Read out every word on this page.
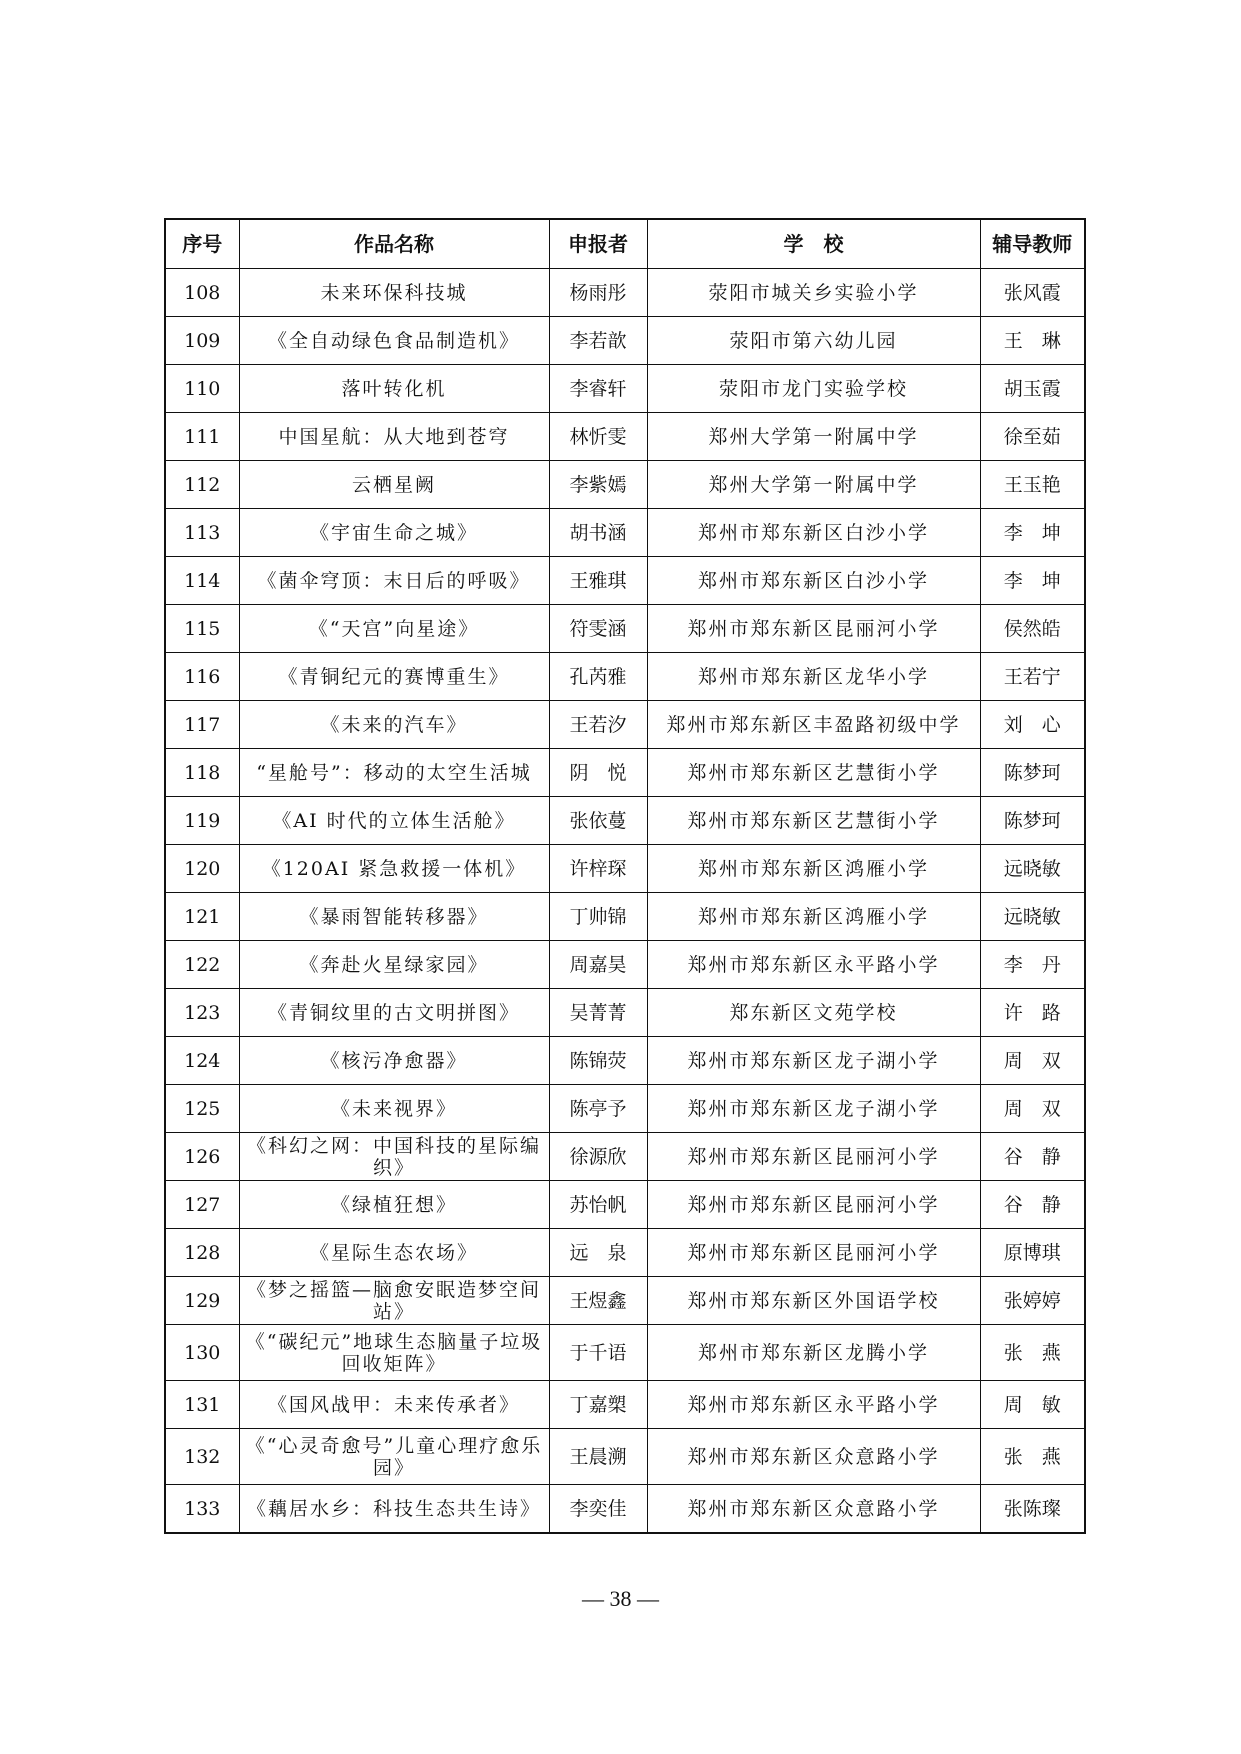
序号	作品名称	申报者	学　校	辅导教师
108	未来环保科技城	杨雨彤	荥阳市城关乡实验小学	张风霞
109	《全自动绿色食品制造机》	李若歆	荥阳市第六幼儿园	王　琳
110	落叶转化机	李睿轩	荥阳市龙门实验学校	胡玉霞
111	中国星航：从大地到苍穹	林忻雯	郑州大学第一附属中学	徐至茹
112	云栖星阙	李紫嫣	郑州大学第一附属中学	王玉艳
113	《宇宙生命之城》	胡书涵	郑州市郑东新区白沙小学	李　坤
114	《菌伞穹顶：末日后的呼吸》	王雅琪	郑州市郑东新区白沙小学	李　坤
115	《“天宫”向星途》	符雯涵	郑州市郑东新区昆丽河小学	侯然皓
116	《青铜纪元的赛博重生》	孔芮雅	郑州市郑东新区龙华小学	王若宁
117	《未来的汽车》	王若汐	郑州市郑东新区丰盈路初级中学	刘　心
118	“星舱号”：移动的太空生活城	阴　悦	郑州市郑东新区艺慧街小学	陈梦珂
119	《AI 时代的立体生活舱》	张依蔓	郑州市郑东新区艺慧街小学	陈梦珂
120	《120AI 紧急救援一体机》	许梓琛	郑州市郑东新区鸿雁小学	远晓敏
121	《暴雨智能转移器》	丁帅锦	郑州市郑东新区鸿雁小学	远晓敏
122	《奔赴火星绿家园》	周嘉昊	郑州市郑东新区永平路小学	李　丹
123	《青铜纹里的古文明拼图》	吴菁菁	郑东新区文苑学校	许　路
124	《核污净愈器》	陈锦荧	郑州市郑东新区龙子湖小学	周　双
125	《未来视界》	陈亭予	郑州市郑东新区龙子湖小学	周　双
126	《科幻之网：中国科技的星际编织》	徐源欣	郑州市郑东新区昆丽河小学	谷　静
127	《绿植狂想》	苏怡帆	郑州市郑东新区昆丽河小学	谷　静
128	《星际生态农场》	远　泉	郑州市郑东新区昆丽河小学	原博琪
129	《梦之摇篮—脑愈安眠造梦空间站》	王煜鑫	郑州市郑东新区外国语学校	张婷婷
130	《“碳纪元”地球生态脑量子垃圾回收矩阵》	于千语	郑州市郑东新区龙腾小学	张　燕
131	《国风战甲：未来传承者》	丁嘉槊	郑州市郑东新区永平路小学	周　敏
132	《“心灵奇愈号”儿童心理疗愈乐园》	王晨溯	郑州市郑东新区众意路小学	张　燕
133	《藕居水乡：科技生态共生诗》	李奕佳	郑州市郑东新区众意路小学	张陈璨
— 38 —
